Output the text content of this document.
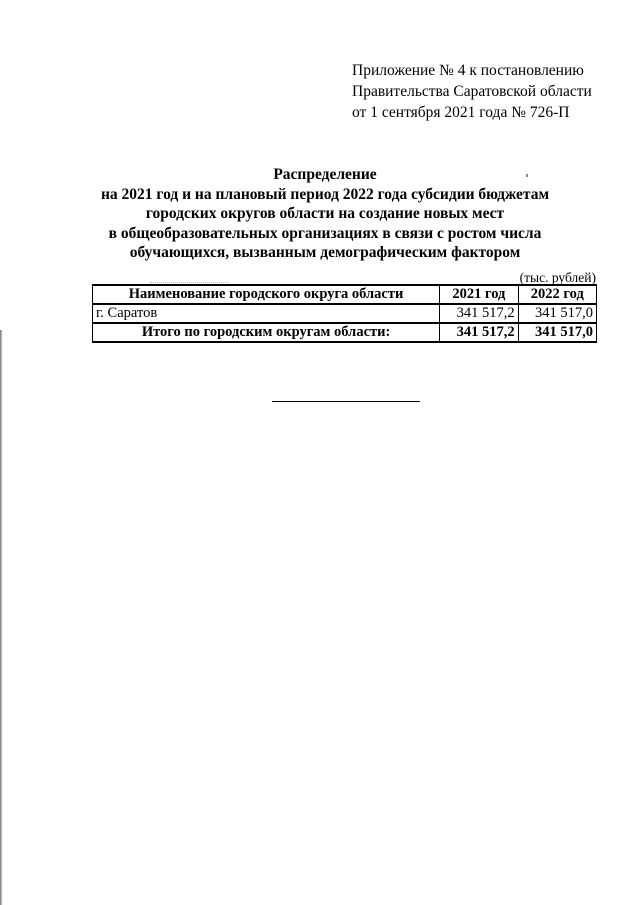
Приложение № 4 к постановлению
Правительства Саратовской области
от 1 сентября 2021 года № 726-П
Распределение
на 2021 год и на плановый период 2022 года субсидии бюджетам
городских округов области на создание новых мест
в общеобразовательных организациях в связи с ростом числа
обучающихся, вызванным демографическим фактором
(тыс. рублей)
Наименование городского округа области	2021 год	2022 год
г. Саратов	341 517,2	341 517,0
Итого по городским округам области:	341 517,2	341 517,0
